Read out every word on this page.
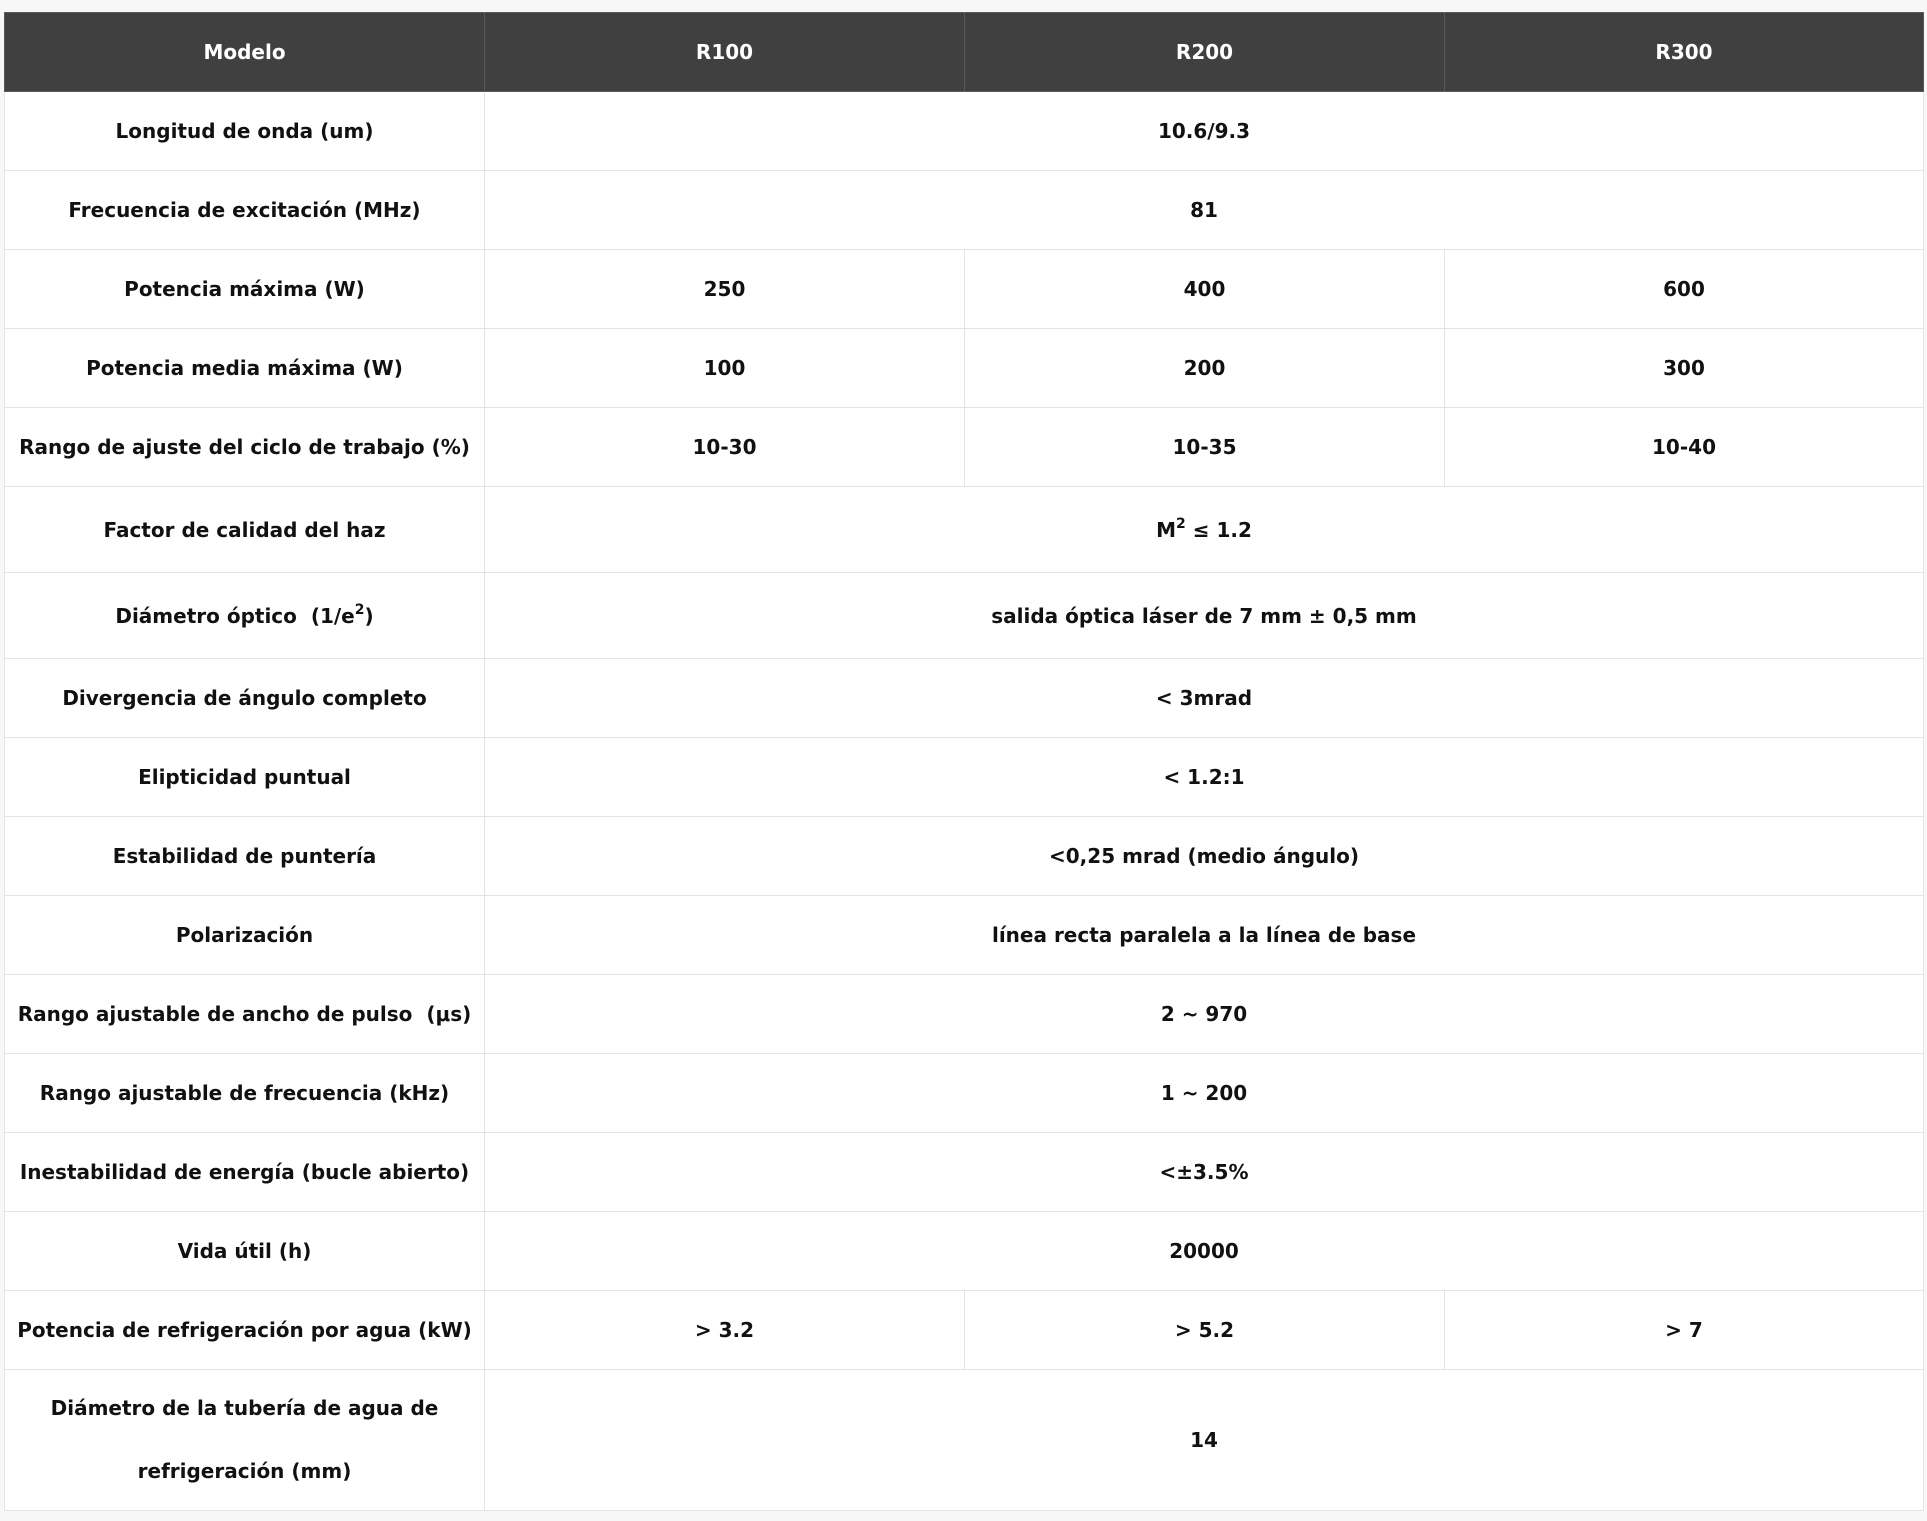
Modelo	R100	R200	R300
Longitud de onda (um)	10.6/9.3		
Frecuencia de excitación (MHz)	81		
Potencia máxima (W)	250	400	600
Potencia media máxima (W)	100	200	300
Rango de ajuste del ciclo de trabajo (%)	10-30	10-35	10-40
Factor de calidad del haz	$M^2 \le 1.2$		
Diámetro óptico  $(1/e^2)$	salida óptica láser de 7 mm ± 0,5 mm		
Divergencia de ángulo completo	< 3mrad		
Elipticidad puntual	< 1.2:1		
Estabilidad de puntería	<0,25 mrad (medio ángulo)		
Polarización	línea recta paralela a la línea de base		
Rango ajustable de ancho de pulso  (μs)	2 ~ 970		
Rango ajustable de frecuencia (kHz)	1 ~ 200		
Inestabilidad de energía (bucle abierto)	<±3.5%		
Vida útil (h)	20000		
Potencia de refrigeración por agua (kW)	> 3.2	> 5.2	> 7
Diámetro de la tubería de agua de
refrigeración (mm)	14		
